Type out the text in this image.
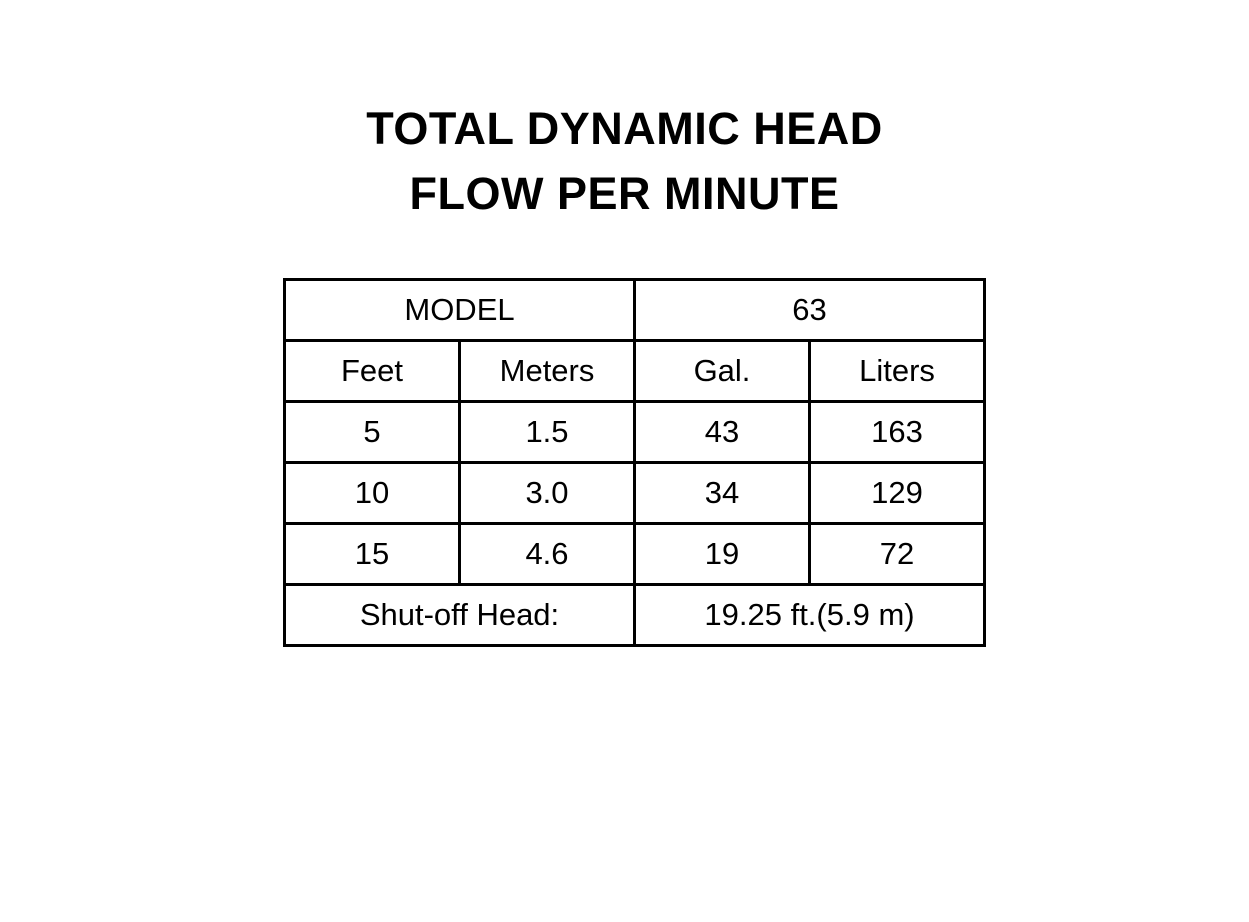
TOTAL DYNAMIC HEAD
FLOW PER MINUTE
MODEL		63	
Feet	Meters	Gal.	Liters
5	1.5	43	163
10	3.0	34	129
15	4.6	19	72
Shut-off Head:		19.25 ft.(5.9 m)	
